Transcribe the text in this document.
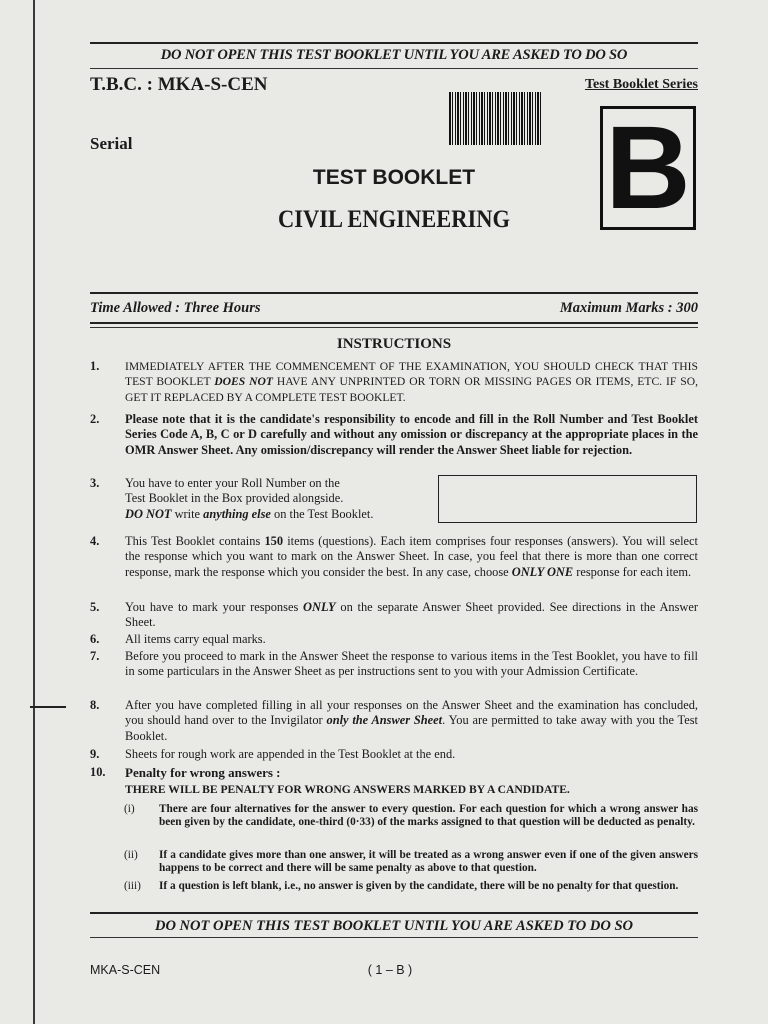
DO NOT OPEN THIS TEST BOOKLET UNTIL YOU ARE ASKED TO DO SO
T.B.C. : MKA-S-CEN	Test Booklet Series
Serial	B
TEST BOOKLET
CIVIL ENGINEERING
Time Allowed : Three Hours	Maximum Marks : 300
INSTRUCTIONS
1. IMMEDIATELY AFTER THE COMMENCEMENT OF THE EXAMINATION, YOU SHOULD CHECK THAT THIS TEST BOOKLET DOES NOT HAVE ANY UNPRINTED OR TORN OR MISSING PAGES OR ITEMS, ETC. IF SO, GET IT REPLACED BY A COMPLETE TEST BOOKLET.
2. Please note that it is the candidate's responsibility to encode and fill in the Roll Number and Test Booklet Series Code A, B, C or D carefully and without any omission or discrepancy at the appropriate places in the OMR Answer Sheet. Any omission/discrepancy will render the Answer Sheet liable for rejection.
3. You have to enter your Roll Number on the
Test Booklet in the Box provided alongside.
DO NOT write anything else on the Test Booklet.
4. This Test Booklet contains 150 items (questions). Each item comprises four responses (answers). You will select the response which you want to mark on the Answer Sheet. In case, you feel that there is more than one correct response, mark the response which you consider the best. In any case, choose ONLY ONE response for each item.
5. You have to mark your responses ONLY on the separate Answer Sheet provided. See directions in the Answer Sheet.
6. All items carry equal marks.
7. Before you proceed to mark in the Answer Sheet the response to various items in the Test Booklet, you have to fill in some particulars in the Answer Sheet as per instructions sent to you with your Admission Certificate.
8. After you have completed filling in all your responses on the Answer Sheet and the examination has concluded, you should hand over to the Invigilator only the Answer Sheet. You are permitted to take away with you the Test Booklet.
9. Sheets for rough work are appended in the Test Booklet at the end.
10. Penalty for wrong answers :
THERE WILL BE PENALTY FOR WRONG ANSWERS MARKED BY A CANDIDATE.
(i) There are four alternatives for the answer to every question. For each question for which a wrong answer has been given by the candidate, one-third (0·33) of the marks assigned to that question will be deducted as penalty.
(ii) If a candidate gives more than one answer, it will be treated as a wrong answer even if one of the given answers happens to be correct and there will be same penalty as above to that question.
(iii) If a question is left blank, i.e., no answer is given by the candidate, there will be no penalty for that question.
DO NOT OPEN THIS TEST BOOKLET UNTIL YOU ARE ASKED TO DO SO
MKA-S-CEN	( 1 – B )
